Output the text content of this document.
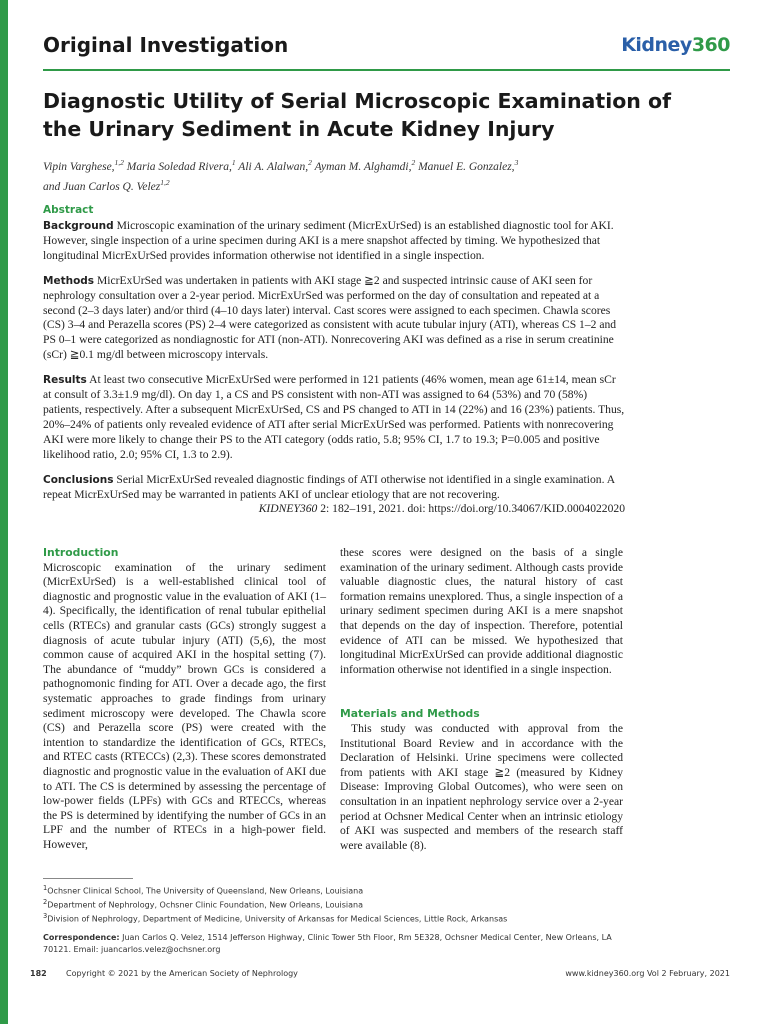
Original Investigation	Kidney360
Diagnostic Utility of Serial Microscopic Examination of the Urinary Sediment in Acute Kidney Injury
Vipin Varghese,$^{1,2}$ Maria Soledad Rivera,$^1$ Ali A. Alalwan,$^2$ Ayman M. Alghamdi,$^2$ Manuel E. Gonzalez,$^3$
and Juan Carlos Q. Velez$^{1,2}$
Abstract

Background Microscopic examination of the urinary sediment (MicrExUrSed) is an established diagnostic tool for AKI. However, single inspection of a urine specimen during AKI is a mere snapshot affected by timing. We hypothesized that longitudinal MicrExUrSed provides information otherwise not identified in a single inspection.

Methods MicrExUrSed was undertaken in patients with AKI stage ≧2 and suspected intrinsic cause of AKI seen for nephrology consultation over a 2-year period. MicrExUrSed was performed on the day of consultation and repeated at a second (2–3 days later) and/or third (4–10 days later) interval. Cast scores were assigned to each specimen. Chawla scores (CS) 3–4 and Perazella scores (PS) 2–4 were categorized as consistent with acute tubular injury (ATI), whereas CS 1–2 and PS 0–1 were categorized as nondiagnostic for ATI (non-ATI). Nonrecovering AKI was defined as a rise in serum creatinine (sCr) ≧0.1 mg/dl between microscopy intervals.

Results At least two consecutive MicrExUrSed were performed in 121 patients (46% women, mean age 61±14, mean sCr at consult of 3.3±1.9 mg/dl). On day 1, a CS and PS consistent with non-ATI was assigned to 64 (53%) and 70 (58%) patients, respectively. After a subsequent MicrExUrSed, CS and PS changed to ATI in 14 (22%) and 16 (23%) patients. Thus, 20%–24% of patients only revealed evidence of ATI after serial MicrExUrSed was performed. Patients with nonrecovering AKI were more likely to change their PS to the ATI category (odds ratio, 5.8; 95% CI, 1.7 to 19.3; P=0.005 and positive likelihood ratio, 2.0; 95% CI, 1.3 to 2.9).

Conclusions Serial MicrExUrSed revealed diagnostic findings of ATI otherwise not identified in a single examination. A repeat MicrExUrSed may be warranted in patients AKI of unclear etiology that are not recovering.
KIDNEY360 2: 182–191, 2021. doi: https://doi.org/10.34067/KID.0004022020

Introduction

Microscopic examination of the urinary sediment (MicrExUrSed) is a well-established clinical tool of diagnostic and prognostic value in the evaluation of AKI (1–4). Specifically, the identification of renal tubular epithelial cells (RTECs) and granular casts (GCs) strongly suggest a diagnosis of acute tubular injury (ATI) (5,6), the most common cause of acquired AKI in the hospital setting (7). The abundance of “muddy” brown GCs is considered a pathognomonic finding for ATI. Over a decade ago, the first systematic approaches to grade findings from urinary sediment microscopy were developed. The Chawla score (CS) and Perazella score (PS) were created with the intention to standardize the identification of GCs, RTECs, and RTEC casts (RTECCs) (2,3). These scores demonstrated diagnostic and prognostic value in the evaluation of AKI due to ATI. The CS is determined by assessing the percentage of low-power fields (LPFs) with GCs and RTECCs, whereas the PS is determined by identifying the number of GCs in an LPF and the number of RTECs in a high-power field. However,

these scores were designed on the basis of a single examination of the urinary sediment. Although casts provide valuable diagnostic clues, the natural history of cast formation remains unexplored. Thus, a single inspection of a urinary sediment specimen during AKI is a mere snapshot that depends on the day of inspection. Therefore, potential evidence of ATI can be missed. We hypothesized that longitudinal MicrExUrSed can provide additional diagnostic information otherwise not identified in a single inspection.

Materials and Methods

This study was conducted with approval from the Institutional Board Review and in accordance with the Declaration of Helsinki. Urine specimens were collected from patients with AKI stage ≧2 (measured by Kidney Disease: Improving Global Outcomes), who were seen on consultation in an inpatient nephrology service over a 2-year period at Ochsner Medical Center when an intrinsic etiology of AKI was suspected and members of the research staff were available (8).

$^1$Ochsner Clinical School, The University of Queensland, New Orleans, Louisiana
$^2$Department of Nephrology, Ochsner Clinic Foundation, New Orleans, Louisiana
$^3$Division of Nephrology, Department of Medicine, University of Arkansas for Medical Sciences, Little Rock, Arkansas
Correspondence: Juan Carlos Q. Velez, 1514 Jefferson Highway, Clinic Tower 5th Floor, Rm 5E328, Ochsner Medical Center, New Orleans, LA 70121. Email: juancarlos.velez@ochsner.org
182 Copyright © 2021 by the American Society of Nephrology	www.kidney360.org Vol 2 February, 2021
